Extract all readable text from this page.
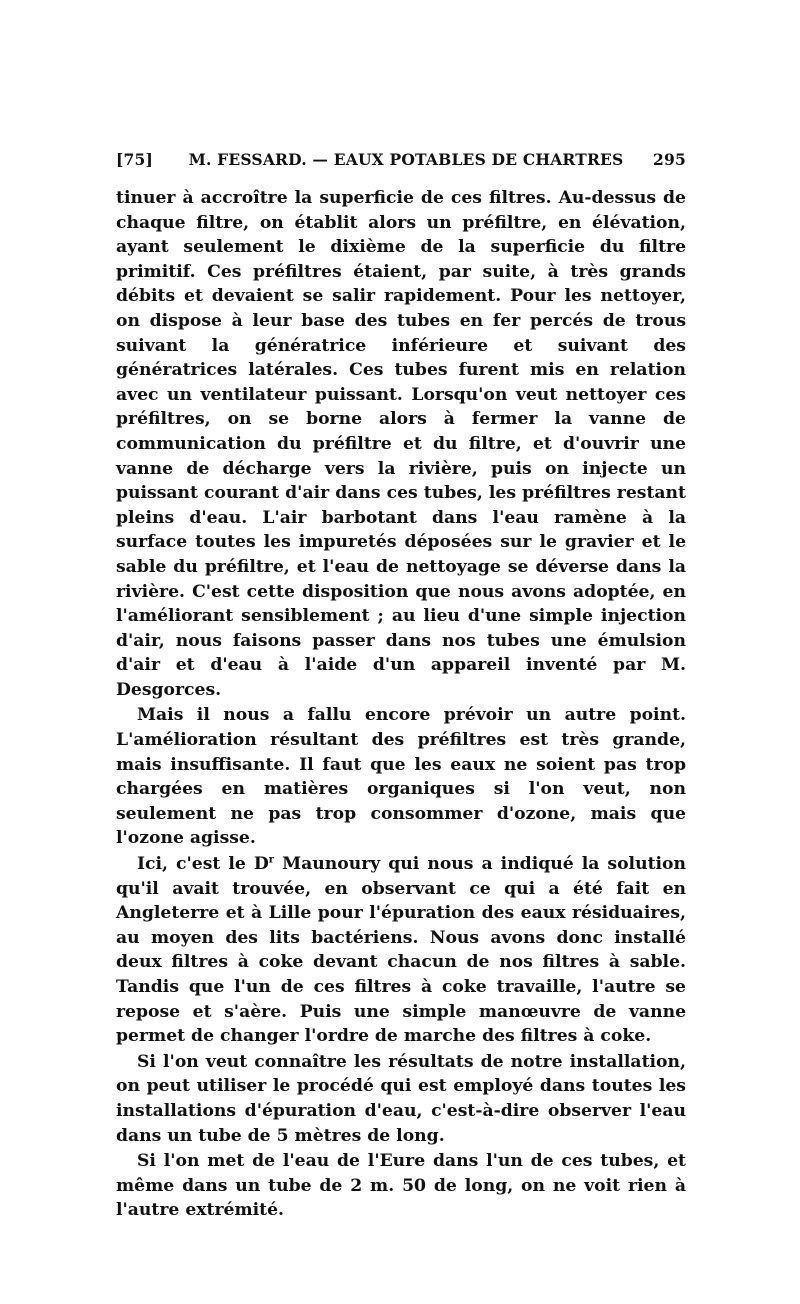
[75]	M. FESSARD. — EAUX POTABLES DE CHARTRES	295

tinuer à accroître la superficie de ces filtres. Au-dessus de chaque filtre, on établit alors un préfiltre, en élévation, ayant seulement le dixième de la superficie du filtre primitif. Ces préfiltres étaient, par suite, à très grands débits et devaient se salir rapidement. Pour les nettoyer, on dispose à leur base des tubes en fer percés de trous suivant la génératrice inférieure et suivant des génératrices latérales. Ces tubes furent mis en relation avec un ventilateur puissant. Lorsqu'on veut nettoyer ces préfiltres, on se borne alors à fermer la vanne de communication du préfiltre et du filtre, et d'ouvrir une vanne de décharge vers la rivière, puis on injecte un puissant courant d'air dans ces tubes, les préfiltres restant pleins d'eau. L'air barbotant dans l'eau ramène à la surface toutes les impuretés déposées sur le gravier et le sable du préfiltre, et l'eau de nettoyage se déverse dans la rivière. C'est cette disposition que nous avons adoptée, en l'améliorant sensiblement ; au lieu d'une simple injection d'air, nous faisons passer dans nos tubes une émulsion d'air et d'eau à l'aide d'un appareil inventé par M. Desgorces.

Mais il nous a fallu encore prévoir un autre point. L'amélioration résultant des préfiltres est très grande, mais insuffisante. Il faut que les eaux ne soient pas trop chargées en matières organiques si l'on veut, non seulement ne pas trop consommer d'ozone, mais que l'ozone agisse.

Ici, c'est le $D^r$ Maunoury qui nous a indiqué la solution qu'il avait trouvée, en observant ce qui a été fait en Angleterre et à Lille pour l'épuration des eaux résiduaires, au moyen des lits bactériens. Nous avons donc installé deux filtres à coke devant chacun de nos filtres à sable. Tandis que l'un de ces filtres à coke travaille, l'autre se repose et s'aère. Puis une simple manœuvre de vanne permet de changer l'ordre de marche des filtres à coke.

Si l'on veut connaître les résultats de notre installation, on peut utiliser le procédé qui est employé dans toutes les installations d'épuration d'eau, c'est-à-dire observer l'eau dans un tube de 5 mètres de long.

Si l'on met de l'eau de l'Eure dans l'un de ces tubes, et même dans un tube de 2 m. 50 de long, on ne voit rien à l'autre extrémité.
